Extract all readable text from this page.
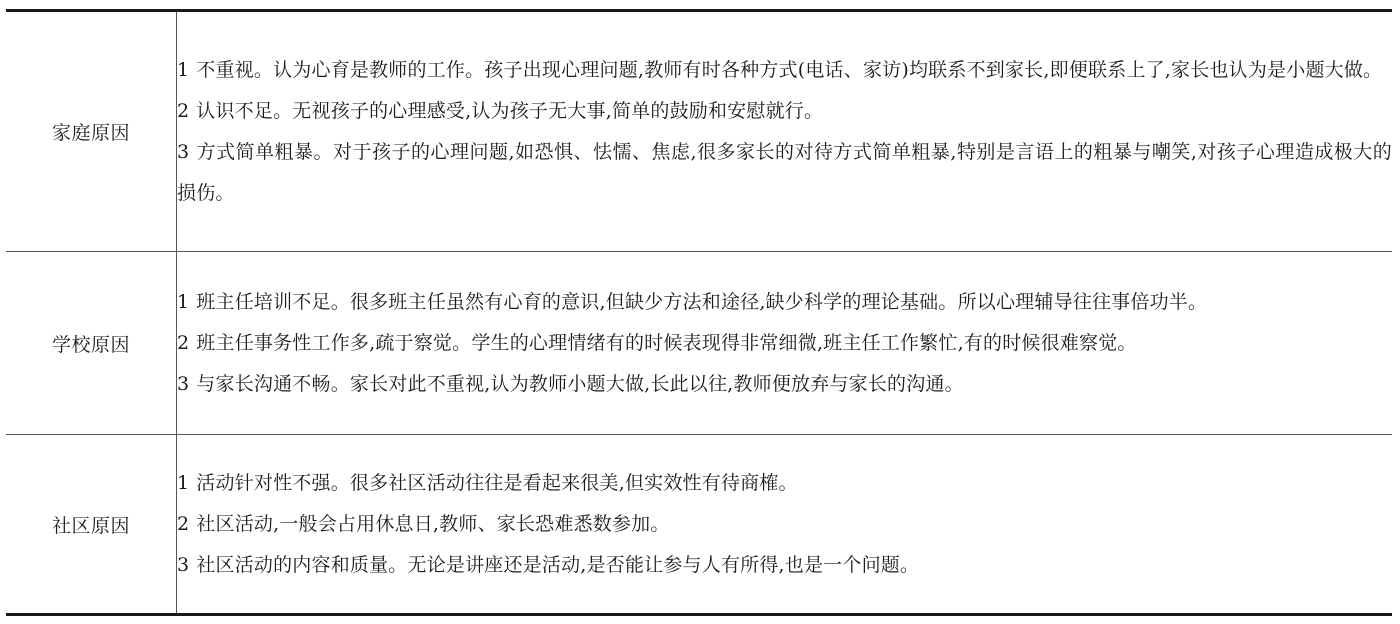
家庭原因	1 不重视。认为心育是教师的工作。孩子出现心理问题,教师有时各种方式(电话、家访)均联系不到家长,即便联系上了,家长也认为是小题大做。

2 认识不足。无视孩子的心理感受,认为孩子无大事,简单的鼓励和安慰就行。

3 方式简单粗暴。对于孩子的心理问题,如恐惧、怯懦、焦虑,很多家长的对待方式简单粗暴,特别是言语上的粗暴与嘲笑,对孩子心理造成极大的损伤。

学校原因	1 班主任培训不足。很多班主任虽然有心育的意识,但缺少方法和途径,缺少科学的理论基础。所以心理辅导往往事倍功半。

2 班主任事务性工作多,疏于察觉。学生的心理情绪有的时候表现得非常细微,班主任工作繁忙,有的时候很难察觉。

3 与家长沟通不畅。家长对此不重视,认为教师小题大做,长此以往,教师便放弃与家长的沟通。

社区原因	1 活动针对性不强。很多社区活动往往是看起来很美,但实效性有待商榷。

2 社区活动,一般会占用休息日,教师、家长恐难悉数参加。

3 社区活动的内容和质量。无论是讲座还是活动,是否能让参与人有所得,也是一个问题。
